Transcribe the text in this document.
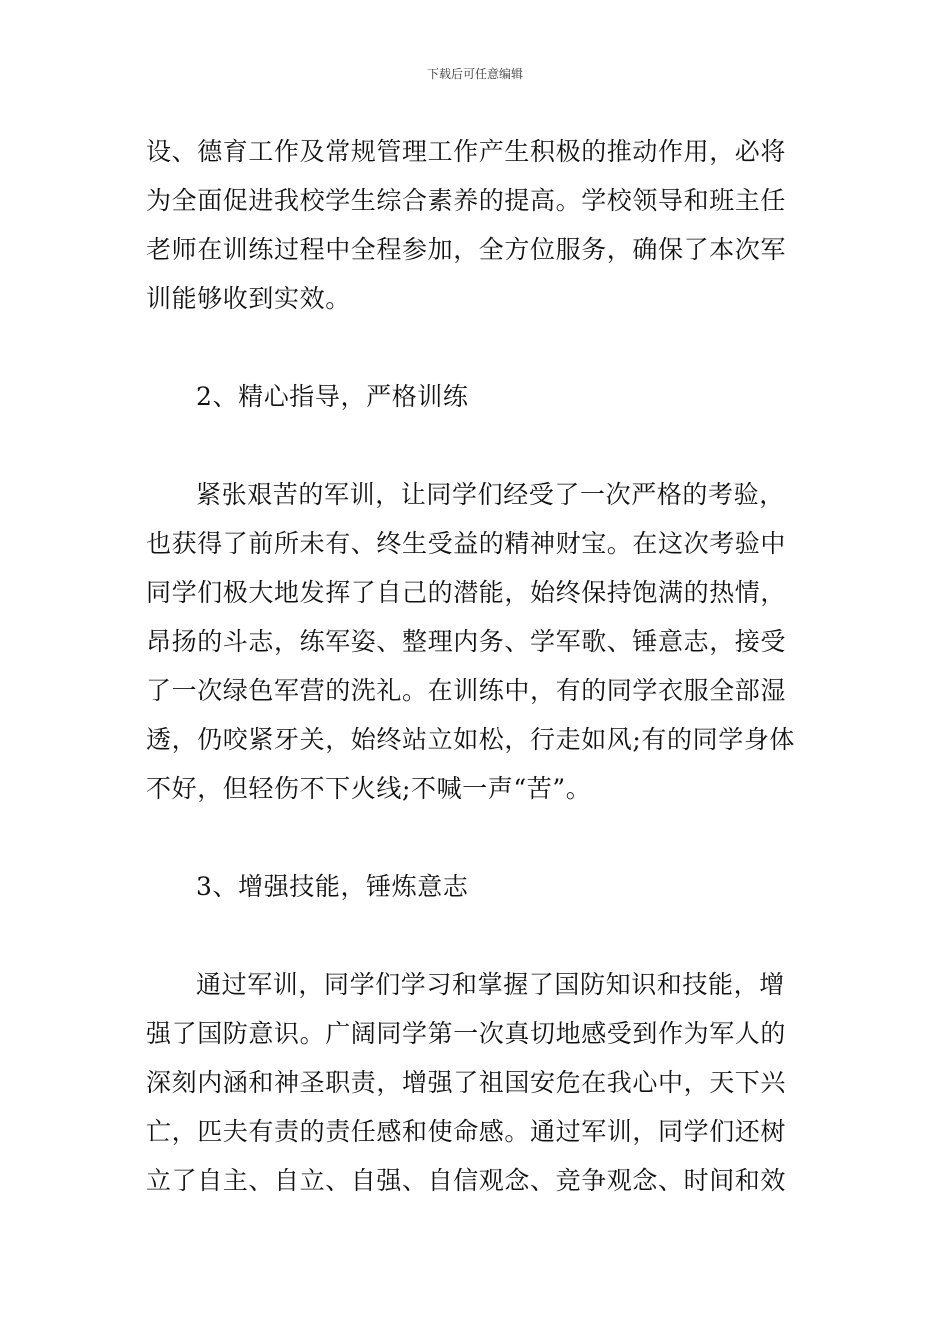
下载后可任意编辑
设、德育工作及常规管理工作产生积极的推动作用，必将
为全面促进我校学生综合素养的提高。学校领导和班主任
老师在训练过程中全程参加，全方位服务，确保了本次军
训能够收到实效。
2、精心指导，严格训练
紧张艰苦的军训，让同学们经受了一次严格的考验，
也获得了前所未有、终生受益的精神财宝。在这次考验中
同学们极大地发挥了自己的潜能，始终保持饱满的热情，
昂扬的斗志，练军姿、整理内务、学军歌、锤意志，接受
了一次绿色军营的洗礼。在训练中，有的同学衣服全部湿
透，仍咬紧牙关，始终站立如松，行走如风;有的同学身体
不好，但轻伤不下火线;不喊一声“苦”。
3、增强技能，锤炼意志
通过军训，同学们学习和掌握了国防知识和技能，增
强了国防意识。广阔同学第一次真切地感受到作为军人的
深刻内涵和神圣职责，增强了祖国安危在我心中，天下兴
亡，匹夫有责的责任感和使命感。通过军训，同学们还树
立了自主、自立、自强、自信观念、竞争观念、时间和效
